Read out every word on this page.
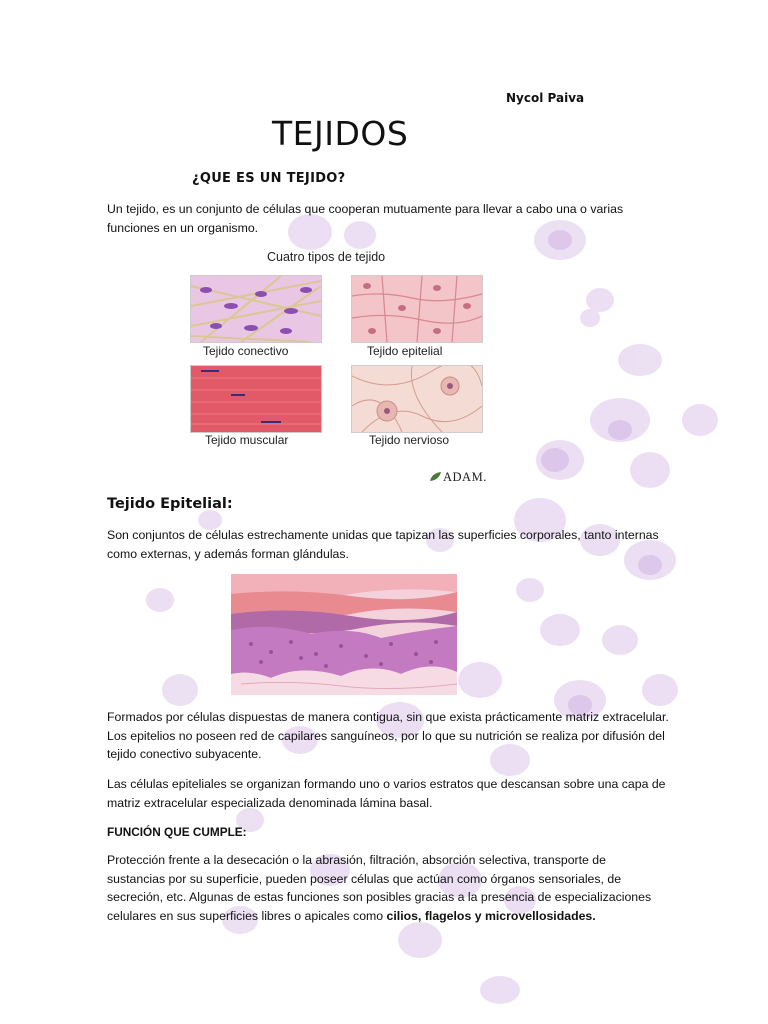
Nycol Paiva
TEJIDOS
¿QUE ES UN TEJIDO?
Un tejido, es un conjunto de células que cooperan mutuamente para llevar a cabo una o varias funciones en un organismo.
Cuatro tipos de tejido
Tejido conectivo	Tejido epitelial
Tejido muscular	Tejido nervioso
ADAM.
Tejido Epitelial:
Son conjuntos de células estrechamente unidas que tapizan las superficies corporales, tanto internas como externas, y además forman glándulas.
Formados por células dispuestas de manera contigua, sin que exista prácticamente matriz extracelular. Los epitelios no poseen red de capilares sanguíneos, por lo que su nutrición se realiza por difusión del tejido conectivo subyacente.
Las células epiteliales se organizan formando uno o varios estratos que descansan sobre una capa de matriz extracelular especializada denominada lámina basal.
FUNCIÓN QUE CUMPLE:
Protección frente a la desecación o la abrasión, filtración, absorción selectiva, transporte de sustancias por su superficie, pueden poseer células que actúan como órganos sensoriales, de secreción, etc. Algunas de estas funciones son posibles gracias a la presencia de especializaciones celulares en sus superficies libres o apicales como cilios, flagelos y microvellosidades.
